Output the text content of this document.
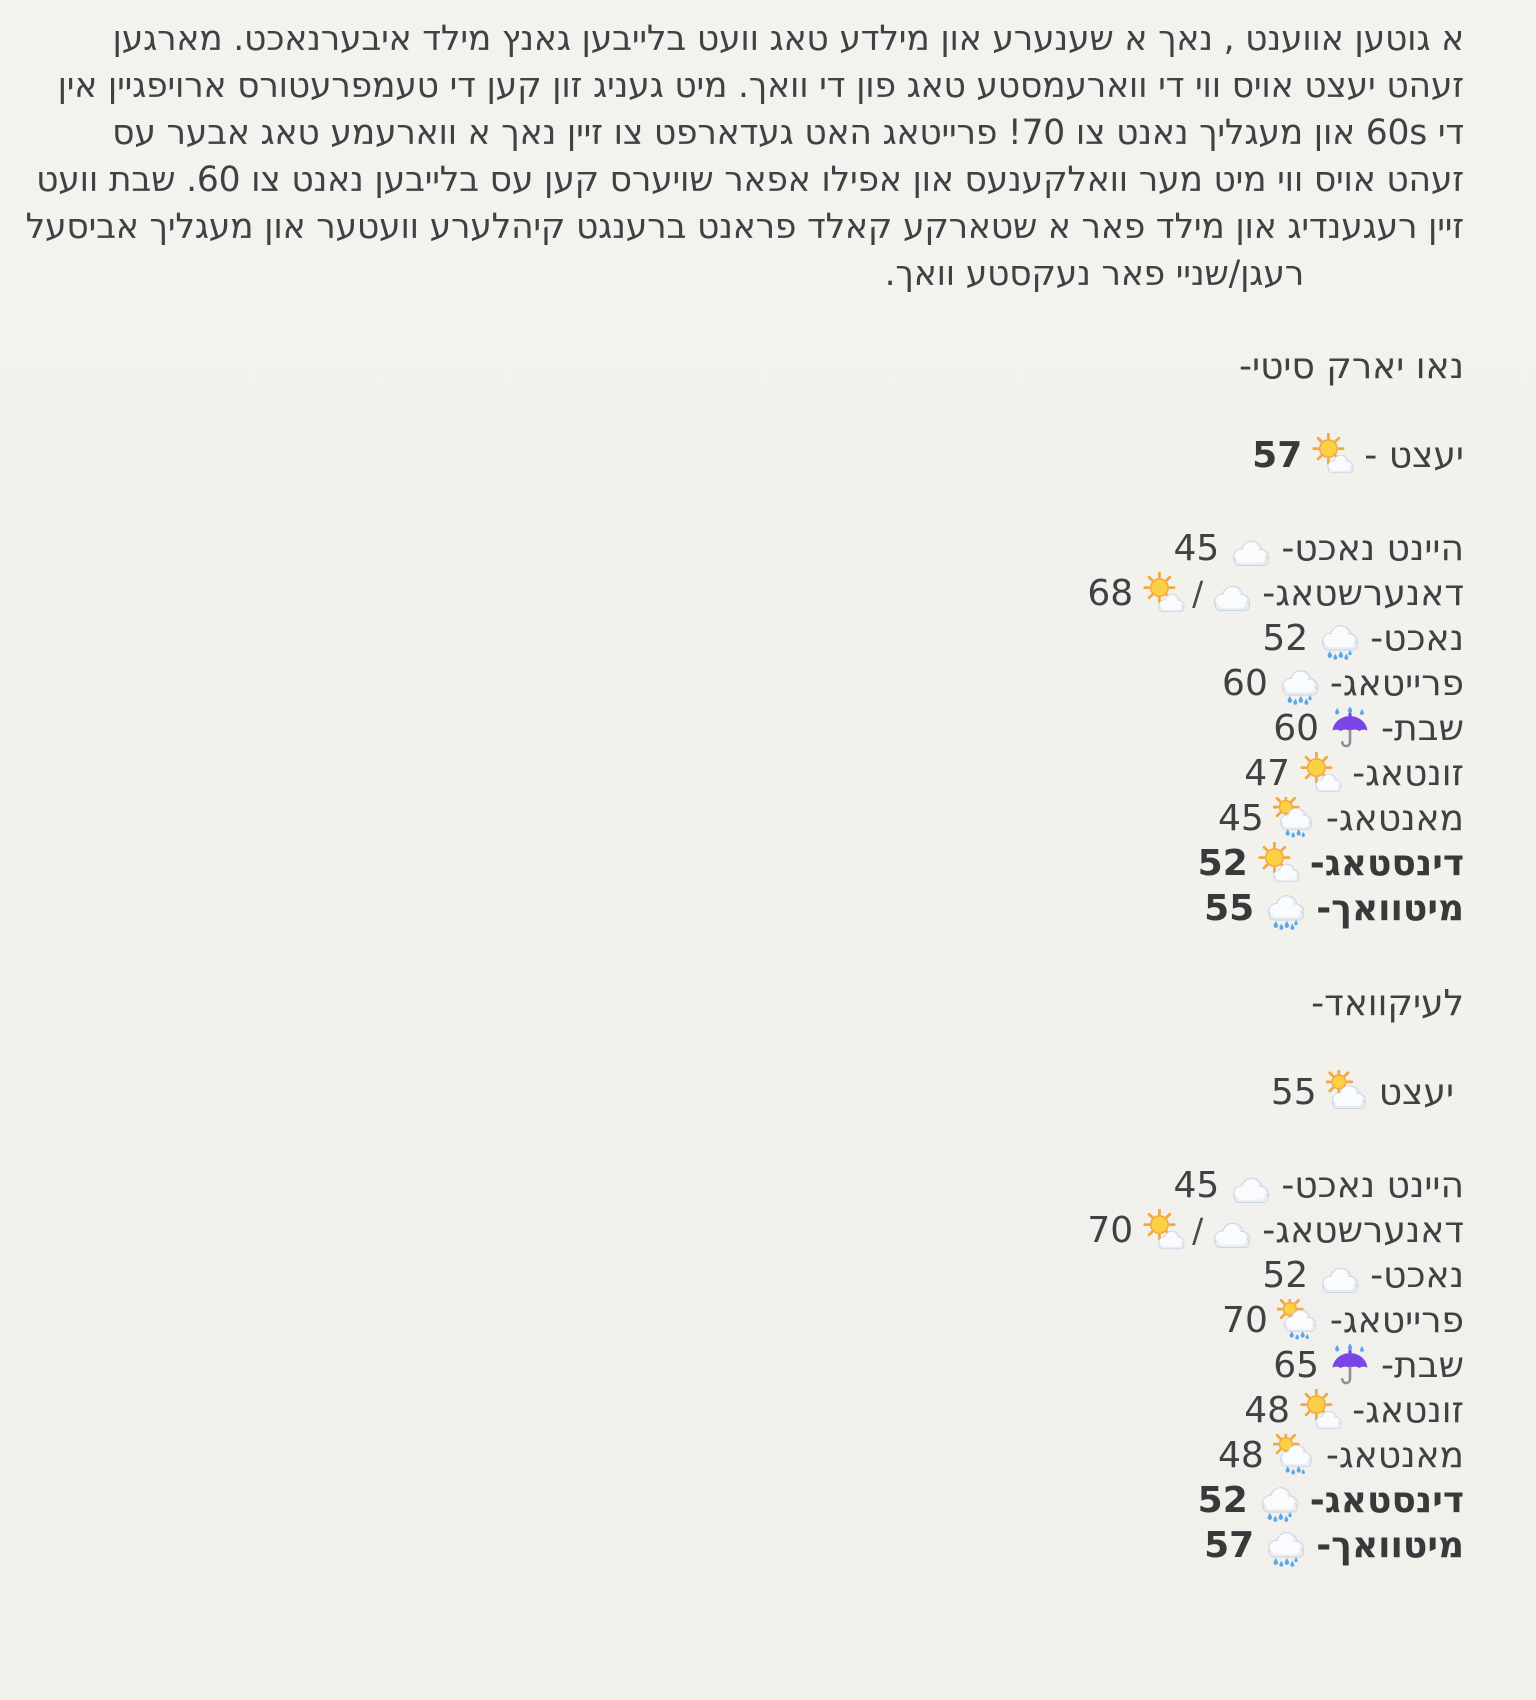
א גוטען אווענט , נאך א שענערע און מילדע טאג וועט בלייבען גאנץ מילד איבערנאכט. מארגען
זעהט יעצט אויס ווי די ווארעמסטע טאג פון די וואך. מיט געניג זון קען די טעמפרעטורס ארויפגיין אין
די 60s און מעגליך נאנט צו 70! פרייטאג האט געדארפט צו זיין נאך א ווארעמע טאג אבער עס
זעהט אויס ווי מיט מער וואלקענעס און אפילו אפאר שויערס קען עס בלייבען נאנט צו 60. שבת וועט
זיין רעגענדיג און מילד פאר א שטארקע קאלד פראנט ברענגט קיהלערע וועטער און מעגליך אביסעל
רעגן/שניי פאר נעקסטע וואך.
נאו יארק סיטי-
יעצט -
57
היינט נאכט-
45
דאנערשטאג-
/
68
נאכט-
52
פרייטאג-
60
שבת-
60
זונטאג-
47
מאנטאג-
45
דינסטאג-
52
מיטוואך-
55
לעיקוואד-
יעצט
55
היינט נאכט-
45
דאנערשטאג-
/
70
נאכט-
52
פרייטאג-
70
שבת-
65
זונטאג-
48
מאנטאג-
48
דינסטאג-
52
מיטוואך-
57
